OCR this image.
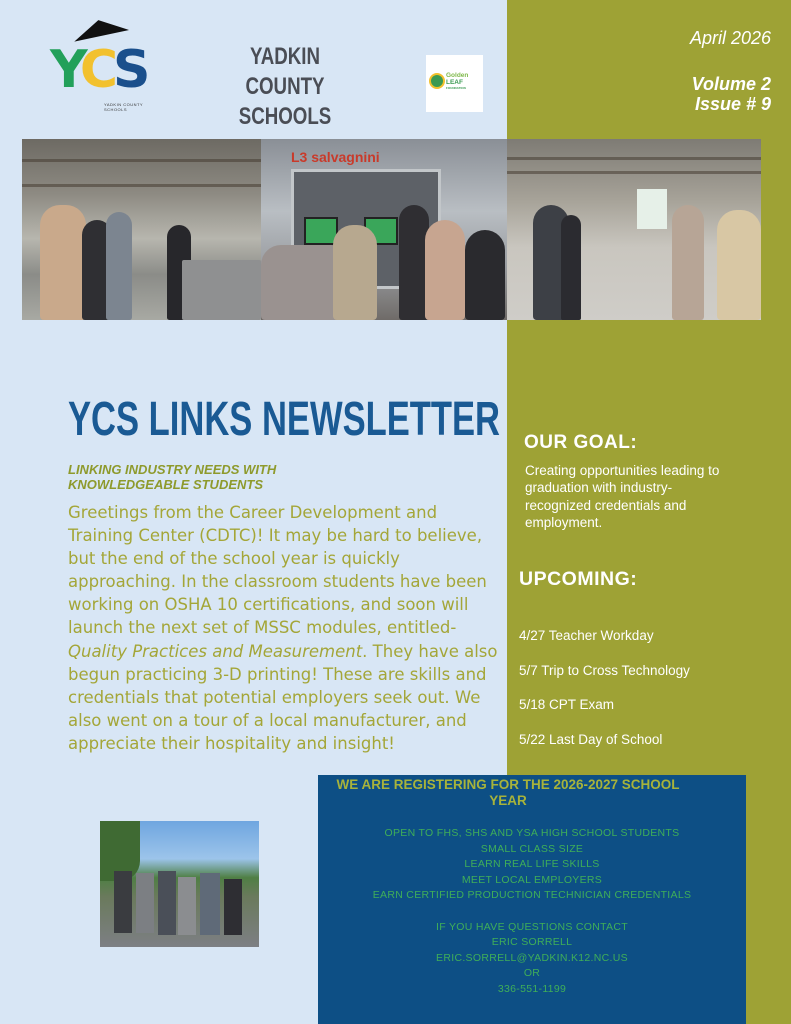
YCS
YADKIN COUNTY SCHOOLS
YADKIN COUNTY SCHOOLS
Golden
LEAF
FOUNDATION
April 2026
Volume 2
Issue # 9
L3 salvagnini
YCS LINKS NEWSLETTER
LINKING INDUSTRY NEEDS WITH KNOWLEDGEABLE STUDENTS
Greetings from the Career Development and Training Center (CDTC)! It may be hard to believe, but the end of the school year is quickly approaching. In the classroom students have been working on OSHA 10 certifications, and soon will launch the next set of MSSC modules, entitled- Quality Practices and Measurement. They have also begun practicing 3-D printing! These are skills and credentials that potential employers seek out. We also went on a tour of a local manufacturer, and appreciate their hospitality and insight!
OUR GOAL:
Creating opportunities leading to graduation with industry-recognized credentials and employment.
UPCOMING:
4/27 Teacher Workday
5/7 Trip to Cross Technology
5/18 CPT Exam
5/22 Last Day of School
WE ARE REGISTERING FOR THE 2026-2027 SCHOOL YEAR
OPEN TO FHS, SHS AND YSA HIGH SCHOOL STUDENTS
SMALL CLASS SIZE
LEARN REAL LIFE SKILLS
MEET LOCAL EMPLOYERS
EARN CERTIFIED PRODUCTION TECHNICIAN CREDENTIALS

IF YOU HAVE QUESTIONS CONTACT
ERIC SORRELL
ERIC.SORRELL@YADKIN.K12.NC.US
OR
336-551-1199
